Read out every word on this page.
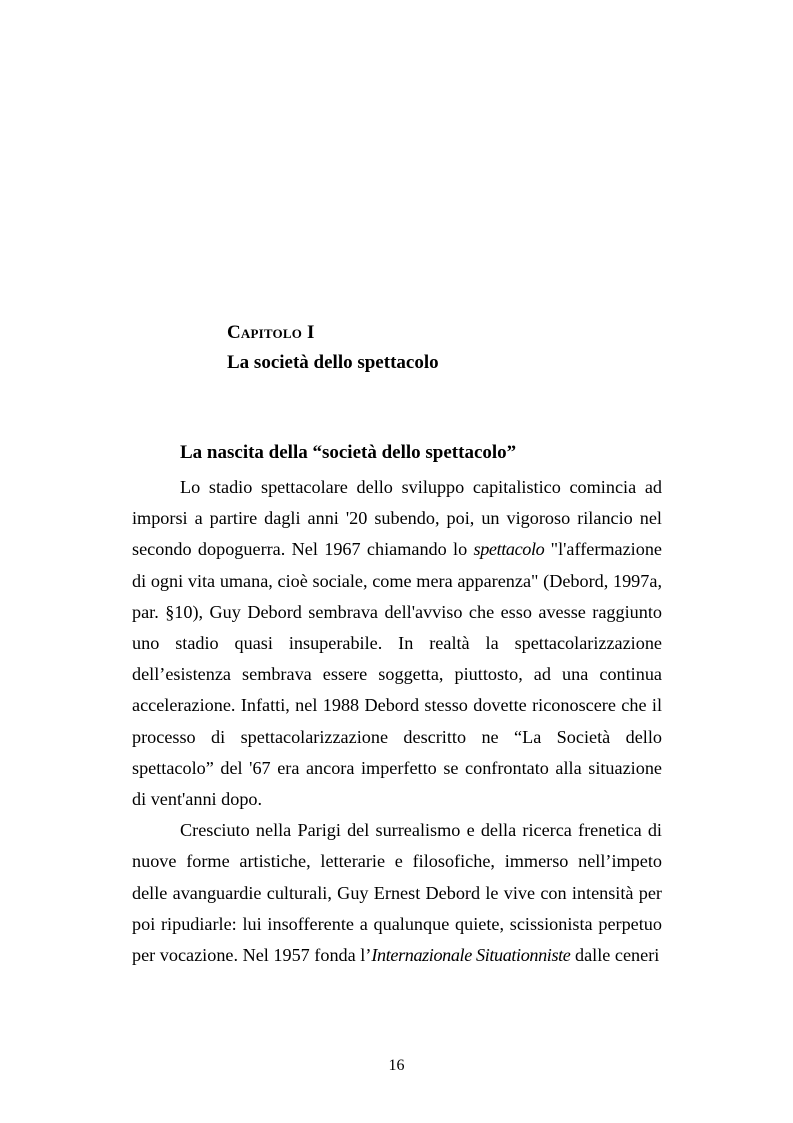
Capitolo I
La società dello spettacolo
La nascita della “società dello spettacolo”

Lo stadio spettacolare dello sviluppo capitalistico comincia ad imporsi a partire dagli anni '20 subendo, poi, un vigoroso rilancio nel secondo dopoguerra. Nel 1967 chiamando lo spettacolo "l'affermazione di ogni vita umana, cioè sociale, come mera apparenza" (Debord, 1997a, par. §10), Guy Debord sembrava dell'avviso che esso avesse raggiunto uno stadio quasi insuperabile. In realtà la spettacolarizzazione dell’esistenza sembrava essere soggetta, piuttosto, ad una continua accelerazione. Infatti, nel 1988 Debord stesso dovette riconoscere che il processo di spettacolarizzazione descritto ne “La Società dello spettacolo” del '67 era ancora imperfetto se confrontato alla situazione di vent'anni dopo.

Cresciuto nella Parigi del surrealismo e della ricerca frenetica di nuove forme artistiche, letterarie e filosofiche, immerso nell’impeto delle avanguardie culturali, Guy Ernest Debord le vive con intensità per poi ripudiarle: lui insofferente a qualunque quiete, scissionista perpetuo per vocazione. Nel 1957 fonda l’Internazionale Situationniste dalle ceneri

16
